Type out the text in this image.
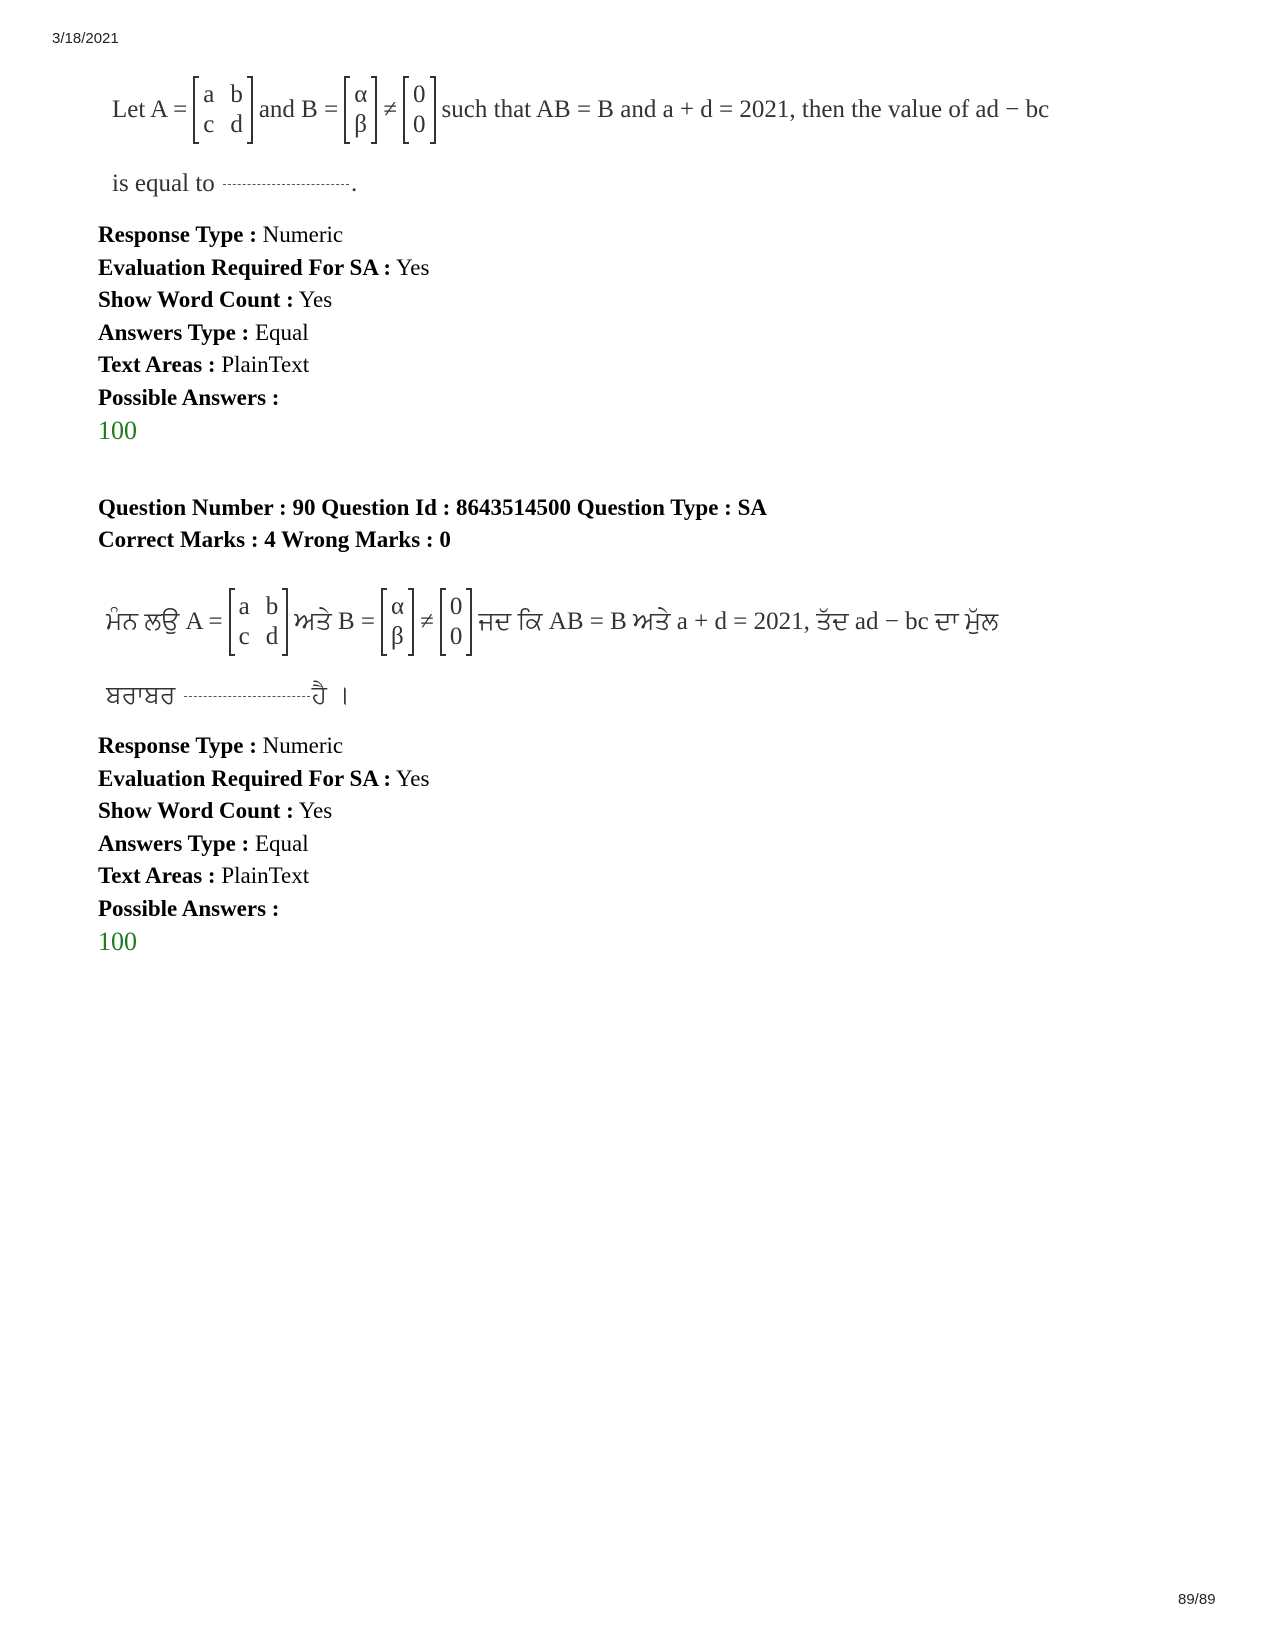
3/18/2021
Let A =
a b
c d
and B =
α
β
≠
0
0
such that AB = B and a + d = 2021, then the value of ad − bc
is equal to	.
Response Type : Numeric
Evaluation Required For SA : Yes
Show Word Count : Yes
Answers Type : Equal
Text Areas : PlainText
Possible Answers :
100
Question Number : 90 Question Id : 8643514500 Question Type : SA
Correct Marks : 4 Wrong Marks : 0
ਮੰਨ ਲਉ A =
a b
c d
ਅਤੇ B =
α
β
≠
0
0
ਜਦ ਕਿ AB = B ਅਤੇ a + d = 2021, ਤੱਦ ad − bc ਦਾ ਮੁੱਲ
ਬਰਾਬਰ	ਹੈ ।
Response Type : Numeric
Evaluation Required For SA : Yes
Show Word Count : Yes
Answers Type : Equal
Text Areas : PlainText
Possible Answers :
100
89/89
